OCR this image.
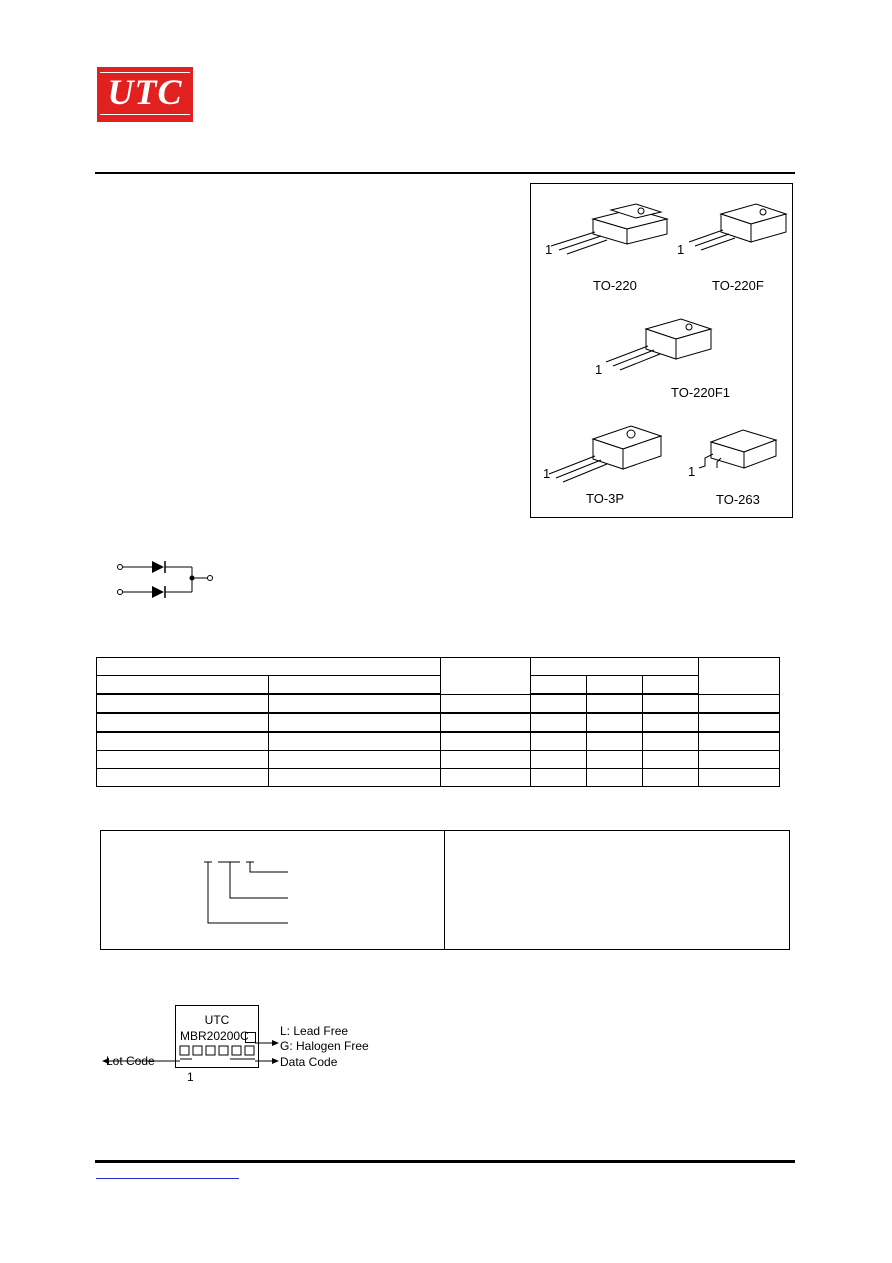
UTC
1
TO-220
1
TO-220F
1
TO-220F1
1
TO-3P
1
TO-263

UTC
MBR20200C	L: Lead Free
G: Halogen Free
Lot Code	Data Code
1
